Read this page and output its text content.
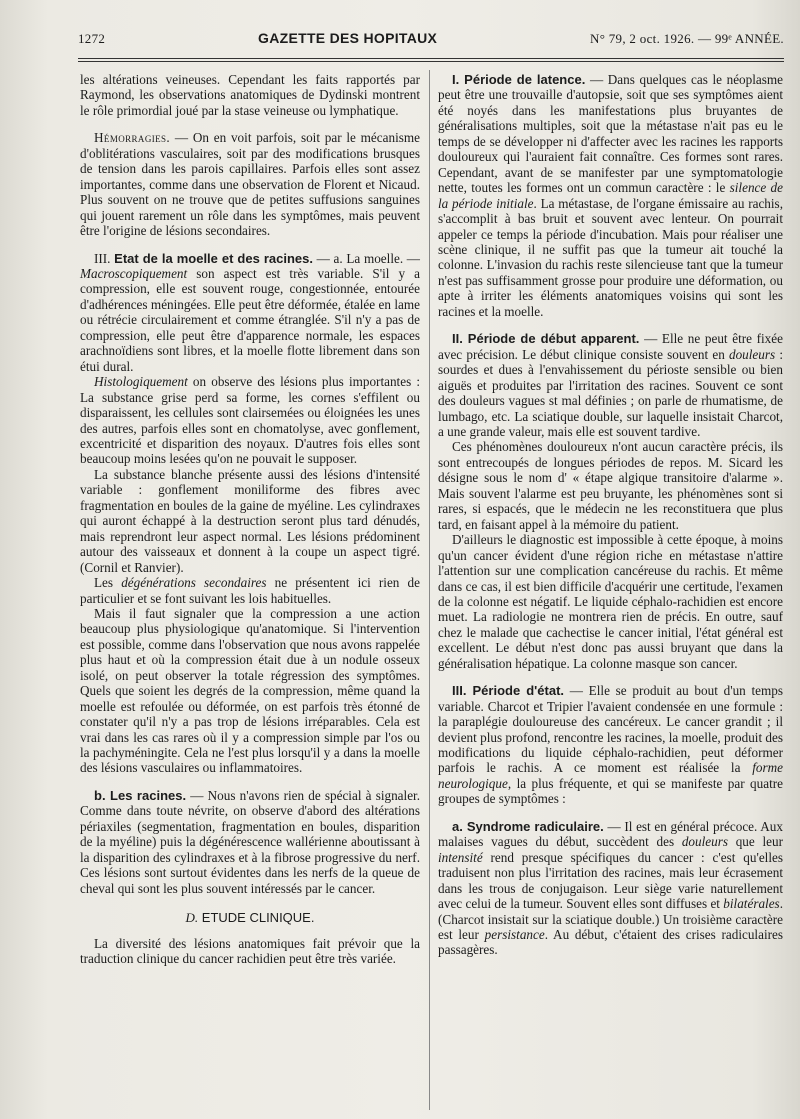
1272	GAZETTE DES HOPITAUX	N° 79, 2 oct. 1926. — 99ᵉ ANNÉE.

les altérations veineuses. Cependant les faits rapportés par Raymond, les observations anatomiques de Dydinski montrent le rôle primordial joué par la stase veineuse ou lymphatique.

Hémorragies. — On en voit parfois, soit par le mécanisme d'oblitérations vasculaires, soit par des modifications brusques de tension dans les parois capillaires. Parfois elles sont assez importantes, comme dans une observation de Florent et Nicaud. Plus souvent on ne trouve que de petites suffusions sanguines qui jouent rarement un rôle dans les symptômes, mais peuvent être l'origine de lésions secondaires.

III. Etat de la moelle et des racines. — a. La moelle. — Macroscopiquement son aspect est très variable. S'il y a compression, elle est souvent rouge, congestionnée, entourée d'adhérences méningées. Elle peut être déformée, étalée en lame ou rétrécie circulairement et comme étranglée. S'il n'y a pas de compression, elle peut être d'apparence normale, les espaces arachnoïdiens sont libres, et la moelle flotte librement dans son étui dural.

Histologiquement on observe des lésions plus importantes : La substance grise perd sa forme, les cornes s'effilent ou disparaissent, les cellules sont clairsemées ou éloignées les unes des autres, parfois elles sont en chomatolyse, avec gonflement, excentricité et disparition des noyaux. D'autres fois elles sont beaucoup moins lesées qu'on ne pouvait le supposer.

La substance blanche présente aussi des lésions d'intensité variable : gonflement moniliforme des fibres avec fragmentation en boules de la gaine de myéline. Les cylindraxes qui auront échappé à la destruction seront plus tard dénudés, mais reprendront leur aspect normal. Les lésions prédominent autour des vaisseaux et donnent à la coupe un aspect tigré. (Cornil et Ranvier).

Les dégénérations secondaires ne présentent ici rien de particulier et se font suivant les lois habituelles.

Mais il faut signaler que la compression a une action beaucoup plus physiologique qu'anatomique. Si l'intervention est possible, comme dans l'observation que nous avons rappelée plus haut et où la compression était due à un nodule osseux isolé, on peut observer la totale régression des symptômes. Quels que soient les degrés de la compression, même quand la moelle est refoulée ou déformée, on est parfois très étonné de constater qu'il n'y a pas trop de lésions irréparables. Cela est vrai dans les cas rares où il y a compression simple par l'os ou la pachyméningite. Cela ne l'est plus lorsqu'il y a dans la moelle des lésions vasculaires ou inflammatoires.

b. Les racines. — Nous n'avons rien de spécial à signaler. Comme dans toute névrite, on observe d'abord des altérations périaxiles (segmentation, fragmentation en boules, disparition de la myéline) puis la dégénérescence wallérienne aboutissant à la disparition des cylindraxes et à la fibrose progressive du nerf. Ces lésions sont surtout évidentes dans les nerfs de la queue de cheval qui sont les plus souvent intéressés par le cancer.

D. ETUDE CLINIQUE.

La diversité des lésions anatomiques fait prévoir que la traduction clinique du cancer rachidien peut être très variée.

I. Période de latence. — Dans quelques cas le néoplasme peut être une trouvaille d'autopsie, soit que ses symptômes aient été noyés dans les manifestations plus bruyantes de généralisations multiples, soit que la métastase n'ait pas eu le temps de se développer ni d'affecter avec les racines les rapports douloureux qui l'auraient fait connaître. Ces formes sont rares. Cependant, avant de se manifester par une symptomatologie nette, toutes les formes ont un commun caractère : le silence de la période initiale. La métastase, de l'organe émissaire au rachis, s'accomplit à bas bruit et souvent avec lenteur. On pourrait appeler ce temps la période d'incubation. Mais pour réaliser une scène clinique, il ne suffit pas que la tumeur ait touché la colonne. L'invasion du rachis reste silencieuse tant que la tumeur n'est pas suffisamment grosse pour produire une déformation, ou apte à irriter les éléments anatomiques voisins qui sont les racines et la moelle.

II. Période de début apparent. — Elle ne peut être fixée avec précision. Le début clinique consiste souvent en douleurs : sourdes et dues à l'envahissement du périoste sensible ou bien aiguës et produites par l'irritation des racines. Souvent ce sont des douleurs vagues st mal définies ; on parle de rhumatisme, de lumbago, etc. La sciatique double, sur laquelle insistait Charcot, a une grande valeur, mais elle est souvent tardive.

Ces phénomènes douloureux n'ont aucun caractère précis, ils sont entrecoupés de longues périodes de repos. M. Sicard les désigne sous le nom d' « étape algique transitoire d'alarme ». Mais souvent l'alarme est peu bruyante, les phénomènes sont si rares, si espacés, que le médecin ne les reconstituera que plus tard, en faisant appel à la mémoire du patient.

D'ailleurs le diagnostic est impossible à cette époque, à moins qu'un cancer évident d'une région riche en métastase n'attire l'attention sur une complication cancéreuse du rachis. Et même dans ce cas, il est bien difficile d'acquérir une certitude, l'examen de la colonne est négatif. Le liquide céphalo-rachidien est encore muet. La radiologie ne montrera rien de précis. En outre, sauf chez le malade que cachectise le cancer initial, l'état général est excellent. Le début n'est donc pas aussi bruyant que dans la généralisation hépatique. La colonne masque son cancer.

III. Période d'état. — Elle se produit au bout d'un temps variable. Charcot et Tripier l'avaient condensée en une formule : la paraplégie douloureuse des cancéreux. Le cancer grandit ; il devient plus profond, rencontre les racines, la moelle, produit des modifications du liquide céphalo-rachidien, peut déformer parfois le rachis. A ce moment est réalisée la forme neurologique, la plus fréquente, et qui se manifeste par quatre groupes de symptômes :

a. Syndrome radiculaire. — Il est en général précoce. Aux malaises vagues du début, succèdent des douleurs que leur intensité rend presque spécifiques du cancer : c'est qu'elles traduisent non plus l'irritation des racines, mais leur écrasement dans les trous de conjugaison. Leur siège varie naturellement avec celui de la tumeur. Souvent elles sont diffuses et bilatérales. (Charcot insistait sur la sciatique double.) Un troisième caractère est leur persistance. Au début, c'étaient des crises radiculaires passagères.
